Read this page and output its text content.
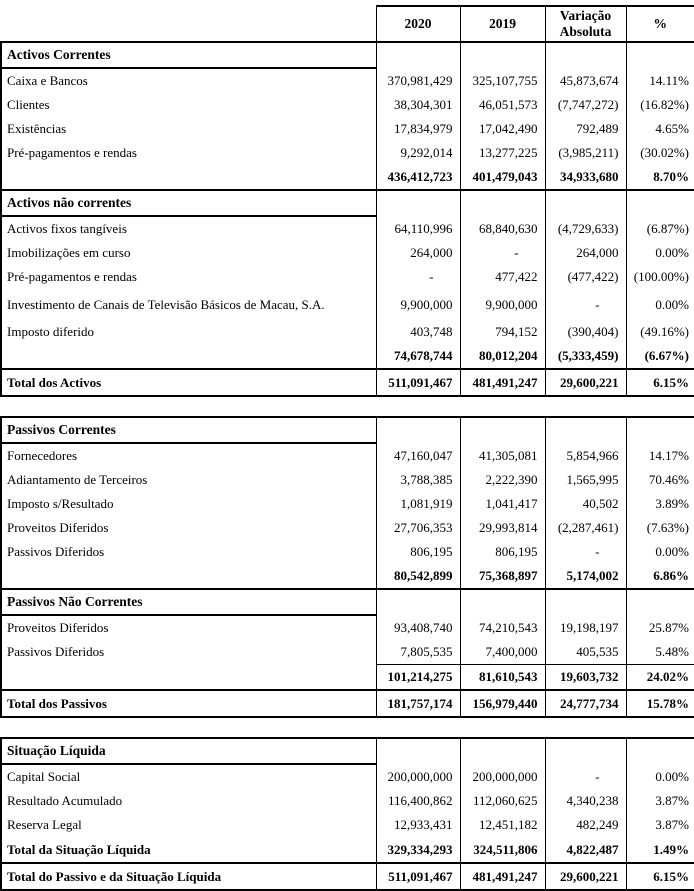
	2020	2019	Variação Absoluta	%
Activos Correntes				
Caixa e Bancos	370,981,429	325,107,755	45,873,674	14.11%
Clientes	38,304,301	46,051,573	(7,747,272)	(16.82%)
Existências	17,834,979	17,042,490	792,489	4.65%
Pré-pagamentos e rendas	9,292,014	13,277,225	(3,985,211)	(30.02%)
	436,412,723	401,479,043	34,933,680	8.70%
Activos não correntes				
Activos fixos tangíveis	64,110,996	68,840,630	(4,729,633)	(6.87%)
Imobilizações em curso	264,000	-	264,000	0.00%
Pré-pagamentos e rendas	-	477,422	(477,422)	(100.00%)
Investimento de Canais de Televisão Básicos de Macau, S.A.	9,900,000	9,900,000	-	0.00%
Imposto diferido	403,748	794,152	(390,404)	(49.16%)
	74,678,744	80,012,204	(5,333,459)	(6.67%)
Total dos Activos	511,091,467	481,491,247	29,600,221	6.15%

Passivos Correntes				
Fornecedores	47,160,047	41,305,081	5,854,966	14.17%
Adiantamento de Terceiros	3,788,385	2,222,390	1,565,995	70.46%
Imposto s/Resultado	1,081,919	1,041,417	40,502	3.89%
Proveitos Diferidos	27,706,353	29,993,814	(2,287,461)	(7.63%)
Passivos Diferidos	806,195	806,195	-	0.00%
	80,542,899	75,368,897	5,174,002	6.86%
Passivos Não Correntes				
Proveitos Diferidos	93,408,740	74,210,543	19,198,197	25.87%
Passivos Diferidos	7,805,535	7,400,000	405,535	5.48%
	101,214,275	81,610,543	19,603,732	24.02%
Total dos Passivos	181,757,174	156,979,440	24,777,734	15.78%

Situação Líquida				
Capital Social	200,000,000	200,000,000	-	0.00%
Resultado Acumulado	116,400,862	112,060,625	4,340,238	3.87%
Reserva Legal	12,933,431	12,451,182	482,249	3.87%
Total da Situação Líquida	329,334,293	324,511,806	4,822,487	1.49%
Total do Passivo e da Situação Líquida	511,091,467	481,491,247	29,600,221	6.15%
